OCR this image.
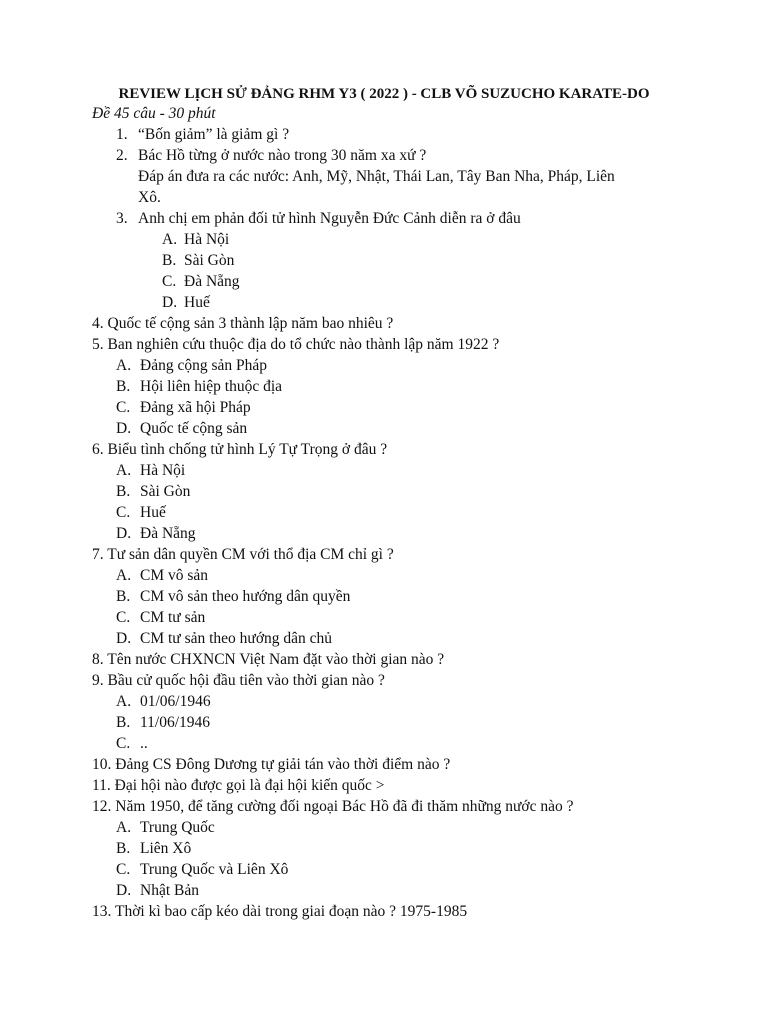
REVIEW LỊCH SỬ ĐẢNG RHM Y3 ( 2022 ) - CLB VÕ SUZUCHO KARATE-DO
Đề 45 câu - 30 phút
1. “Bốn giảm” là giảm gì ?
2. Bác Hồ từng ở nước nào trong 30 năm xa xứ ?
Đáp án đưa ra các nước: Anh, Mỹ, Nhật, Thái Lan, Tây Ban Nha, Pháp, Liên
Xô.
3. Anh chị em phản đối tử hình Nguyễn Đức Cảnh diễn ra ở đâu
A. Hà Nội
B. Sài Gòn
C. Đà Nẵng
D. Huế
4. Quốc tế cộng sản 3 thành lập năm bao nhiêu ?
5. Ban nghiên cứu thuộc địa do tổ chức nào thành lập năm 1922 ?
A. Đảng cộng sản Pháp
B. Hội liên hiệp thuộc địa
C. Đảng xã hội Pháp
D. Quốc tế cộng sản
6. Biểu tình chống tử hình Lý Tự Trọng ở đâu ?
A. Hà Nội
B. Sài Gòn
C. Huế
D. Đà Nẵng
7. Tư sản dân quyền CM với thổ địa CM chỉ gì ?
A. CM vô sản
B. CM vô sản theo hướng dân quyền
C. CM tư sản
D. CM tư sản theo hướng dân chủ
8. Tên nước CHXNCN Việt Nam đặt vào thời gian nào ?
9. Bầu cử quốc hội đầu tiên vào thời gian nào ?
A. 01/06/1946
B. 11/06/1946
C. ..
10. Đảng CS Đông Dương tự giải tán vào thời điểm nào ?
11. Đại hội nào được gọi là đại hội kiến quốc >
12. Năm 1950, để tăng cường đối ngoại Bác Hồ đã đi thăm những nước nào ?
A. Trung Quốc
B. Liên Xô
C. Trung Quốc và Liên Xô
D. Nhật Bản
13. Thời kì bao cấp kéo dài trong giai đoạn nào ? 1975-1985
